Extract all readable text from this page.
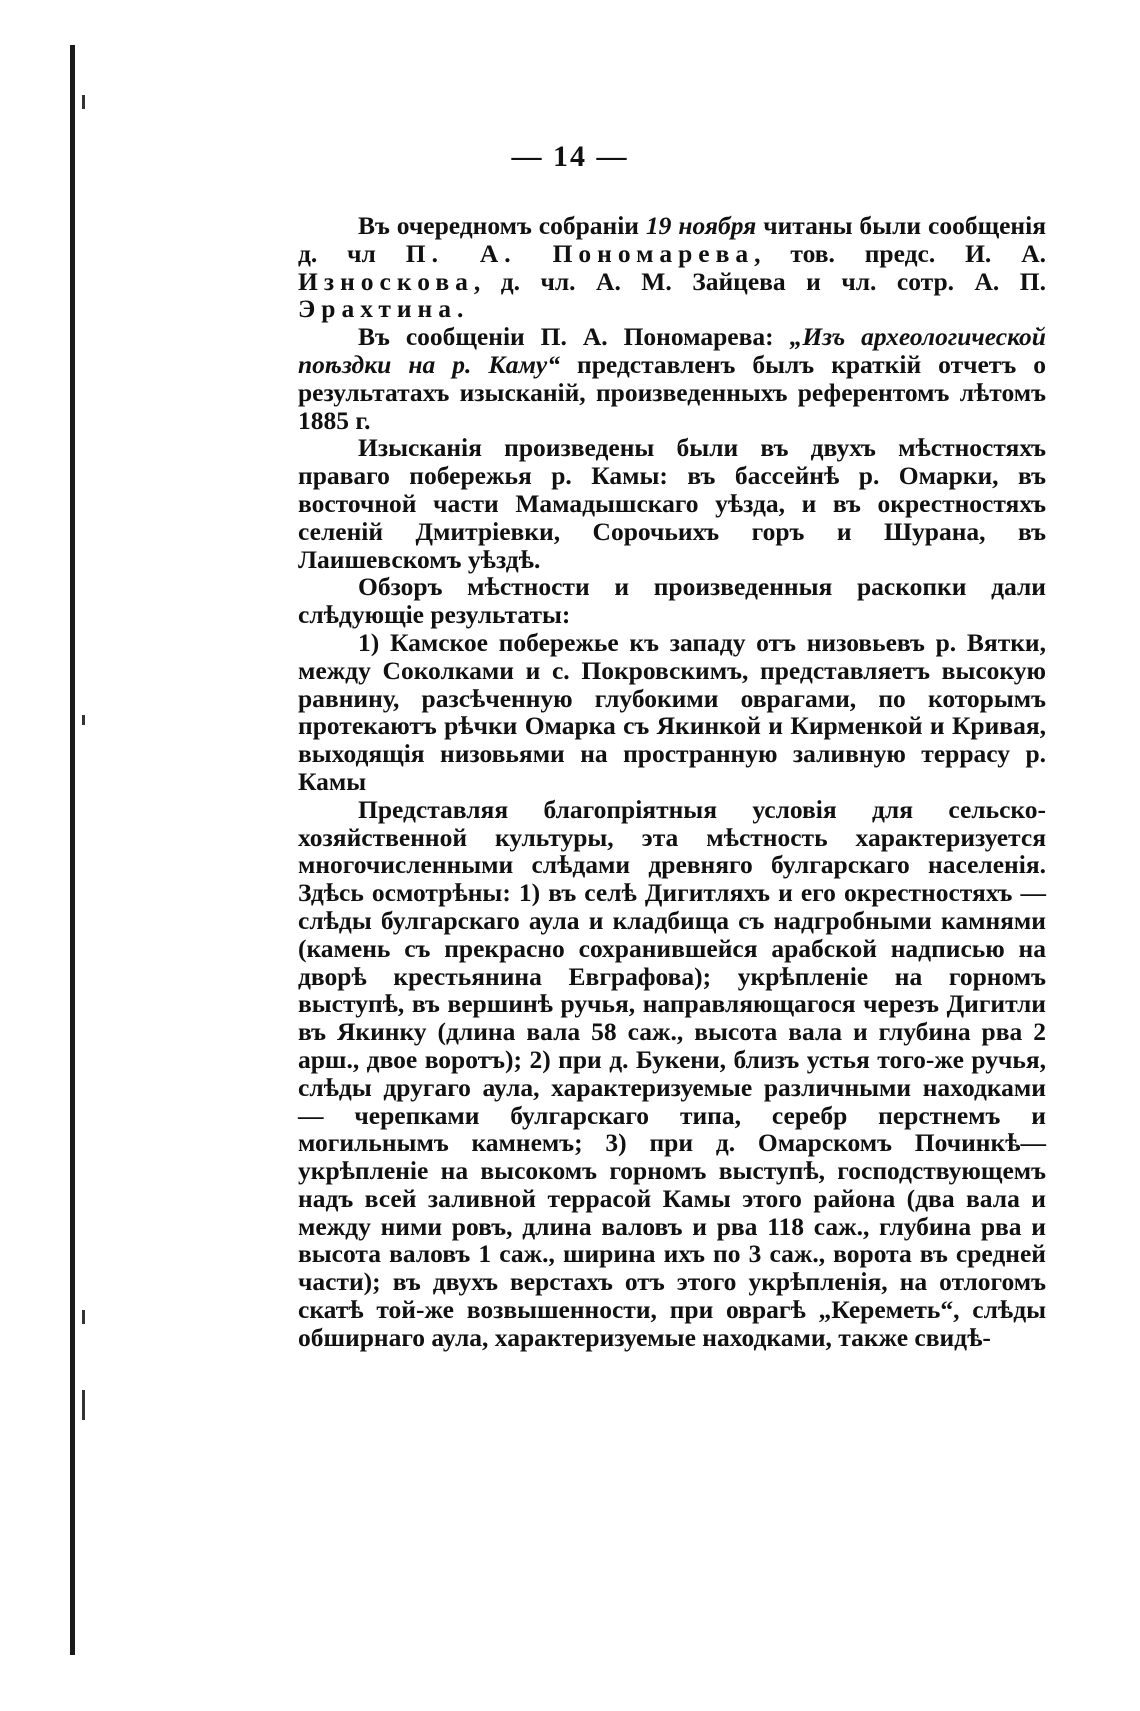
— 14 —

Въ очередномъ собраніи 19 ноября читаны были сообщенія д. чл П. А. Пономарева, тов. предс. И. А. Износкова, д. чл. А. М. Зайцева и чл. сотр. А. П. Эрахтина.

Въ сообщеніи П. А. Пономарева: „Изъ археологической поѣздки на р. Каму“ представленъ былъ краткій отчетъ о результатахъ изысканій, произведенныхъ референтомъ лѣтомъ 1885 г.

Изысканія произведены были въ двухъ мѣстностяхъ праваго побережья р. Камы: въ бассейнѣ р. Омарки, въ восточной части Мамадышскаго уѣзда, и въ окрестностяхъ селеній Дмитріевки, Сорочьихъ горъ и Шурана, въ Лаишевскомъ уѣздѣ.

Обзоръ мѣстности и произведенныя раскопки дали слѣдующіе результаты:

1) Камское побережье къ западу отъ низовьевъ р. Вятки, между Соколками и с. Покровскимъ, представляетъ высокую равнину, разсѣченную глубокими оврагами, по которымъ протекаютъ рѣчки Омарка съ Якинкой и Кирменкой и Кривая, выходящія низовьями на пространную заливную террасу р. Камы

Представляя благопріятныя условія для сельско-хозяйственной культуры, эта мѣстность характеризуется многочисленными слѣдами древняго булгарскаго населенія. Здѣсь осмотрѣны: 1) въ селѣ Дигитляхъ и его окрестностяхъ — слѣды булгарскаго аула и кладбища съ надгробными камнями (камень съ прекрасно сохранившейся арабской надписью на дворѣ крестьянина Евграфова); укрѣпленіе на горномъ выступѣ, въ вершинѣ ручья, направляющагося черезъ Дигитли въ Якинку (длина вала 58 саж., высота вала и глубина рва 2 арш., двое воротъ); 2) при д. Букени, близъ устья того-же ручья, слѣды другаго аула, характеризуемые различными находками — черепками булгарскаго типа, серебр перстнемъ и могильнымъ камнемъ; 3) при д. Омарскомъ Починкѣ—укрѣпленіе на высокомъ горномъ выступѣ, господствующемъ надъ всей заливной террасой Камы этого района (два вала и между ними ровъ, длина валовъ и рва 118 саж., глубина рва и высота валовъ 1 саж., ширина ихъ по 3 саж., ворота въ средней части); въ двухъ верстахъ отъ этого укрѣпленія, на отлогомъ скатѣ той-же возвышенности, при оврагѣ „Кереметь“, слѣды обширнаго аула, характеризуемые находками, также свидѣ-
